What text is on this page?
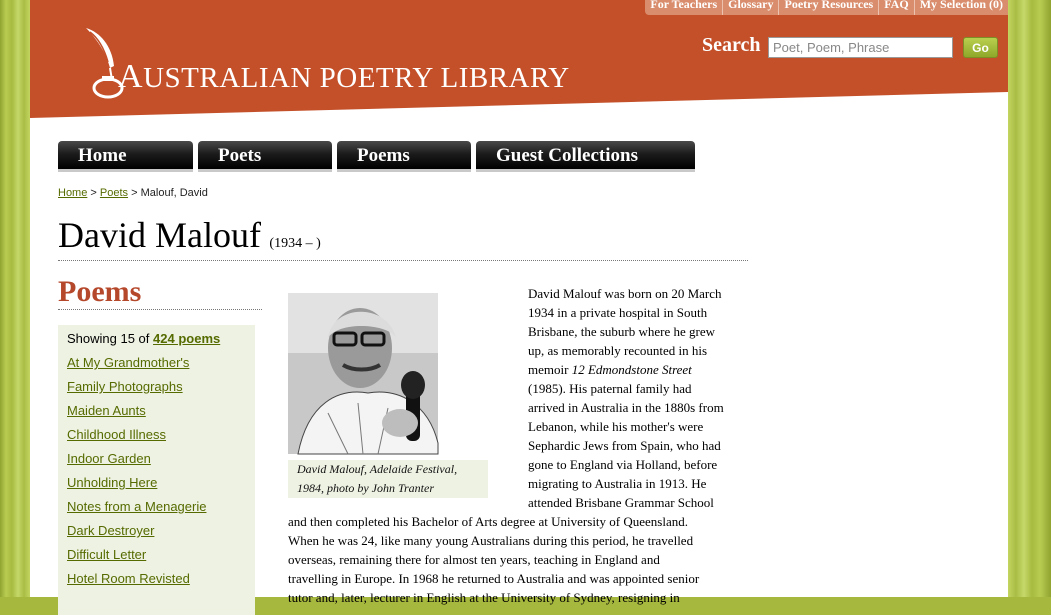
For Teachers Glossary Poetry Resources FAQ My Selection (0)
AUSTRALIAN POETRY LIBRARY
Search
Poet, Poem, Phrase	Go
Home	Poets	Poems	Guest Collections
Home > Poets > Malouf, David
David Malouf (1934 – )
Poems
Showing 15 of 424 poems
At My Grandmother's
Family Photographs
Maiden Aunts
Childhood Illness
Indoor Garden
Unholding Here
Notes from a Menagerie
Dark Destroyer
Difficult Letter
Hotel Room Revisted
David Malouf, Adelaide Festival,
1984, photo by John Tranter
David Malouf was born on 20 March
1934 in a private hospital in South
Brisbane, the suburb where he grew
up, as memorably recounted in his
memoir 12 Edmondstone Street
(1985). His paternal family had
arrived in Australia in the 1880s from
Lebanon, while his mother's were
Sephardic Jews from Spain, who had
gone to England via Holland, before
migrating to Australia in 1913. He
attended Brisbane Grammar School
and then completed his Bachelor of Arts degree at University of Queensland.
When he was 24, like many young Australians during this period, he travelled
overseas, remaining there for almost ten years, teaching in England and
travelling in Europe. In 1968 he returned to Australia and was appointed senior
tutor and, later, lecturer in English at the University of Sydney, resigning in
